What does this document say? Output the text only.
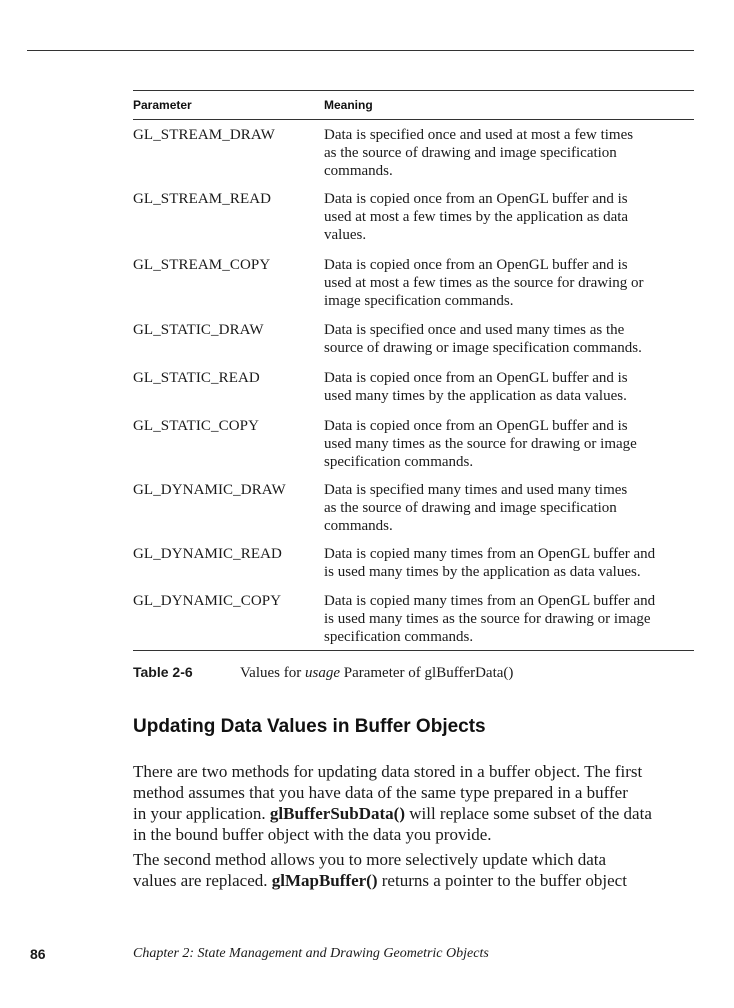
Parameter	Meaning
GL_STREAM_DRAW	Data is specified once and used at most a few times
as the source of drawing and image specification
commands.
GL_STREAM_READ	Data is copied once from an OpenGL buffer and is
used at most a few times by the application as data
values.
GL_STREAM_COPY	Data is copied once from an OpenGL buffer and is
used at most a few times as the source for drawing or
image specification commands.
GL_STATIC_DRAW	Data is specified once and used many times as the
source of drawing or image specification commands.
GL_STATIC_READ	Data is copied once from an OpenGL buffer and is
used many times by the application as data values.
GL_STATIC_COPY	Data is copied once from an OpenGL buffer and is
used many times as the source for drawing or image
specification commands.
GL_DYNAMIC_DRAW	Data is specified many times and used many times
as the source of drawing and image specification
commands.
GL_DYNAMIC_READ	Data is copied many times from an OpenGL buffer and
is used many times by the application as data values.
GL_DYNAMIC_COPY	Data is copied many times from an OpenGL buffer and
is used many times as the source for drawing or image
specification commands.
Table 2-6	Values for usage Parameter of glBufferData()
Updating Data Values in Buffer Objects
There are two methods for updating data stored in a buffer object. The first
method assumes that you have data of the same type prepared in a buffer
in your application. glBufferSubData() will replace some subset of the data
in the bound buffer object with the data you provide.
The second method allows you to more selectively update which data
values are replaced. glMapBuffer() returns a pointer to the buffer object
86	Chapter 2: State Management and Drawing Geometric Objects
